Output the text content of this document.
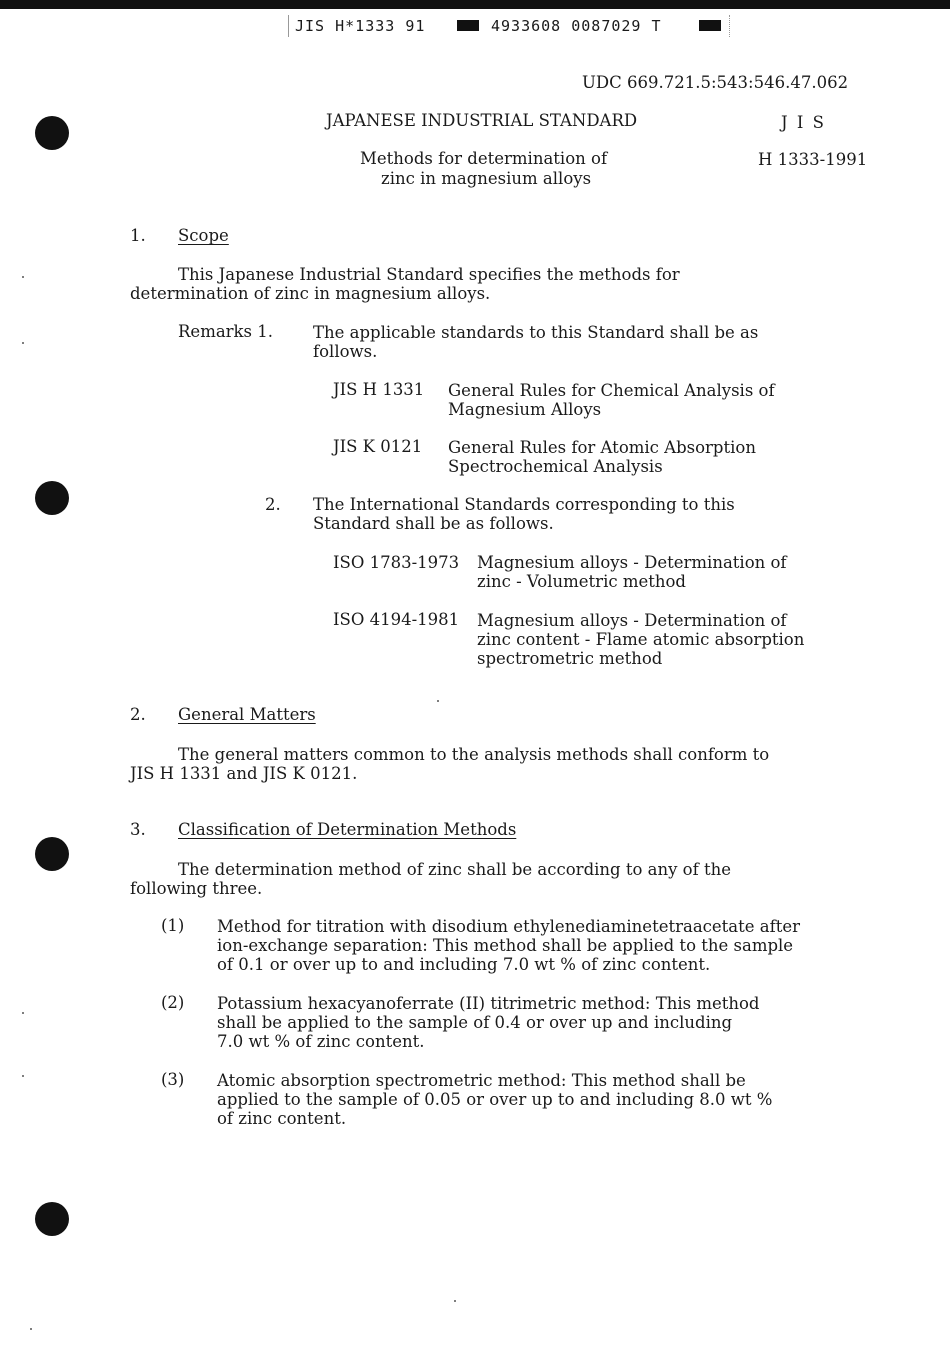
JIS H*1333 91	4933608 0087029 T
UDC 669.721.5:543:546.47.062
JAPANESE INDUSTRIAL STANDARD	J I S
Methods for determination of
zinc in magnesium alloys
H 1333-1991
1. Scope
This Japanese Industrial Standard specifies the methods for
determination of zinc in magnesium alloys.
Remarks 1. The applicable standards to this Standard shall be as
follows.
JIS H 1331 General Rules for Chemical Analysis of
Magnesium Alloys
JIS K 0121 General Rules for Atomic Absorption
Spectrochemical Analysis
2. The International Standards corresponding to this
Standard shall be as follows.
ISO 1783-1973 Magnesium alloys - Determination of
zinc - Volumetric method
ISO 4194-1981 Magnesium alloys - Determination of
zinc content - Flame atomic absorption
spectrometric method
2. General Matters
The general matters common to the analysis methods shall conform to
JIS H 1331 and JIS K 0121.
3. Classification of Determination Methods
The determination method of zinc shall be according to any of the
following three.
(1) Method for titration with disodium ethylenediaminetetraacetate after
ion-exchange separation: This method shall be applied to the sample
of 0.1 or over up to and including 7.0 wt % of zinc content.
(2) Potassium hexacyanoferrate (II) titrimetric method: This method
shall be applied to the sample of 0.4 or over up and including
7.0 wt % of zinc content.
(3) Atomic absorption spectrometric method: This method shall be
applied to the sample of 0.05 or over up to and including 8.0 wt %
of zinc content.
